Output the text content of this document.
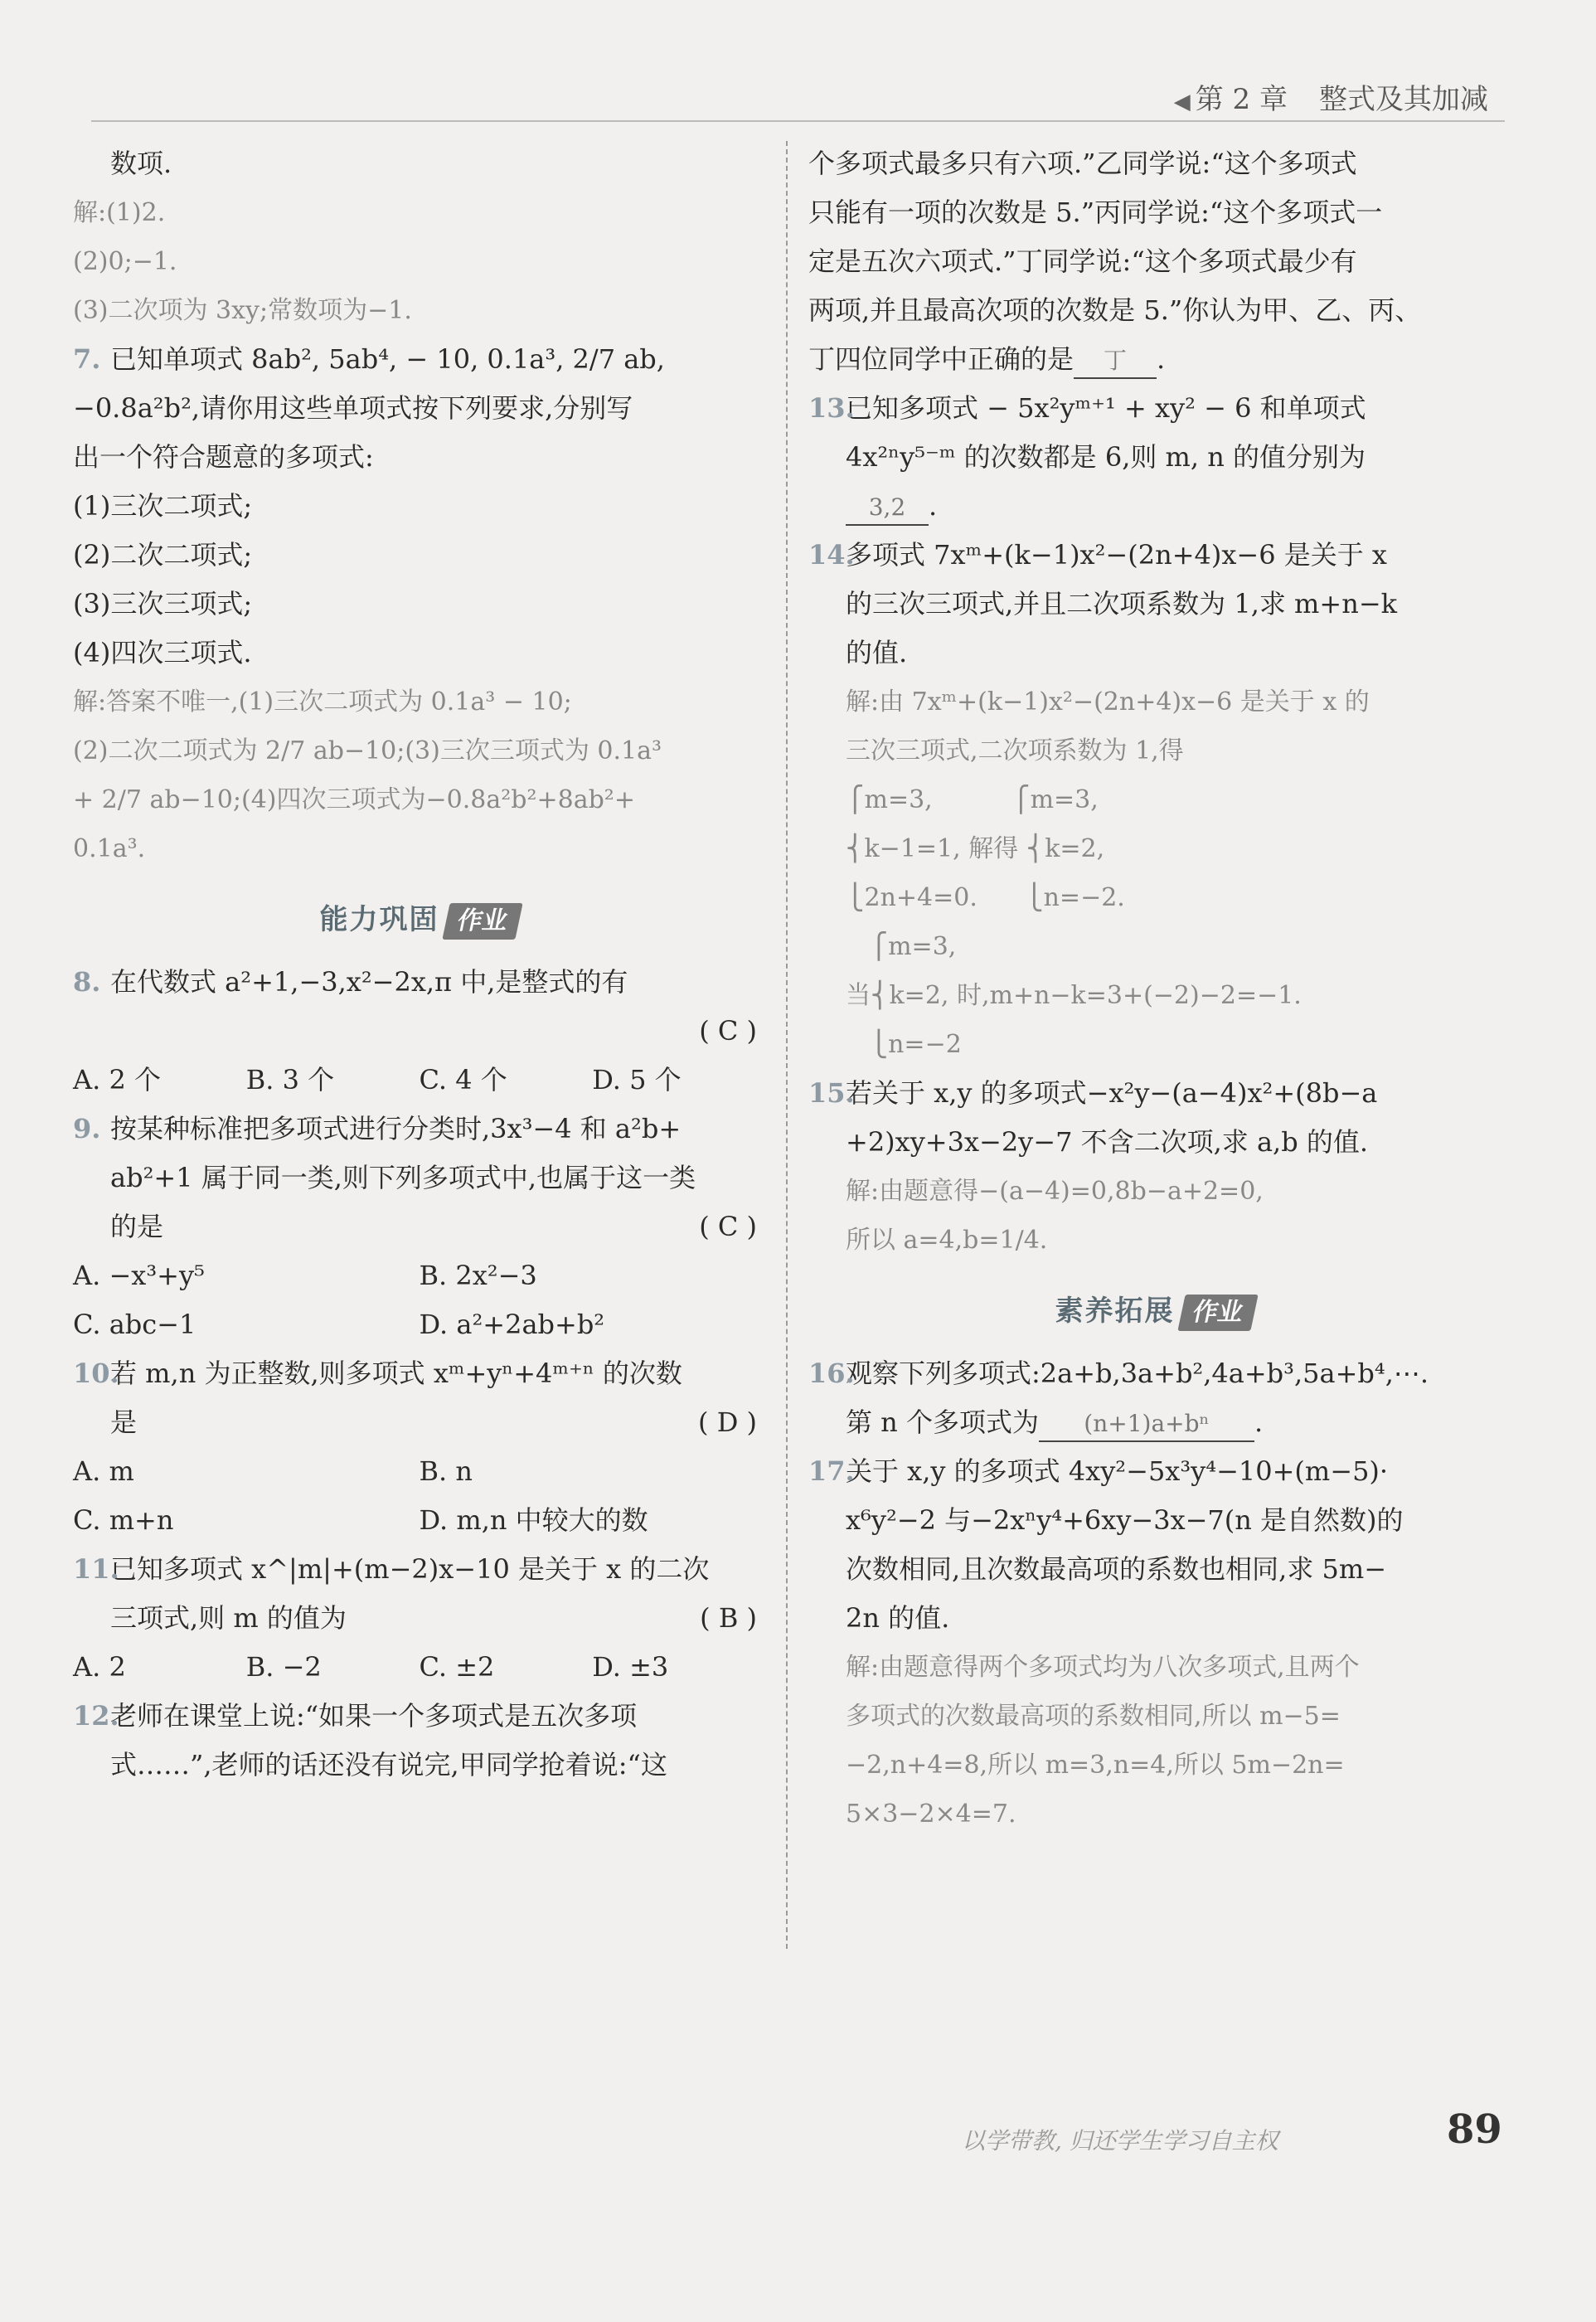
◀ 第 2 章 整式及其加减
数项.
解:(1)2.
(2)0;−1.
(3)二次项为 3xy;常数项为−1.
7. 已知单项式 8ab², 5ab⁴, − 10, 0.1a³, 2/7 ab,
−0.8a²b²,请你用这些单项式按下列要求,分别写
出一个符合题意的多项式:
(1)三次二项式;
(2)二次二项式;
(3)三次三项式;
(4)四次三项式.
解:答案不唯一,(1)三次二项式为 0.1a³ − 10;
(2)二次二项式为 2/7 ab−10;(3)三次三项式为 0.1a³
+ 2/7 ab−10;(4)四次三项式为−0.8a²b²+8ab²+
0.1a³.
能力巩固 作业
8. 在代数式 a²+1,−3,x²−2x,π 中,是整式的有
( C )

A. 2 个	B. 3 个	C. 4 个	D. 5 个
9. 按某种标准把多项式进行分类时,3x³−4 和 a²b+
ab²+1 属于同一类,则下列多项式中,也属于这一类
的是	( C )
A. −x³+y⁵	B. 2x²−3
C. abc−1	D. a²+2ab+b²
10.
若 m,n 为正整数,则多项式 xᵐ+yⁿ+4ᵐ⁺ⁿ 的次数
是	( D )
A. m	B. n
C. m+n	D. m,n 中较大的数
11.
已知多项式 x^|m|+(m−2)x−10 是关于 x 的二次
三项式,则 m 的值为	( B )
A. 2	B. −2	C. ±2	D. ±3
12.
老师在课堂上说:“如果一个多项式是五次多项
式……”,老师的话还没有说完,甲同学抢着说:“这
个多项式最多只有六项.”乙同学说:“这个多项式
只能有一项的次数是 5.”丙同学说:“这个多项式一
定是五次六项式.”丁同学说:“这个多项式最少有
两项,并且最高次项的次数是 5.”你认为甲、乙、丙、
丁四位同学中正确的是 丁 .
13.
已知多项式 − 5x²yᵐ⁺¹ + xy² − 6 和单项式
4x²ⁿy⁵⁻ᵐ 的次数都是 6,则 m, n 的值分别为
3,2 .
14.
多项式 7xᵐ+(k−1)x²−(2n+4)x−6 是关于 x
的三次三项式,并且二次项系数为 1,求 m+n−k
的值.
解:由 7xᵐ+(k−1)x²−(2n+4)x−6 是关于 x 的
三次三项式,二次项系数为 1,得
⎧m=3,          ⎧m=3,
⎨k−1=1, 解得 ⎨k=2,
⎩2n+4=0.      ⎩n=−2.
⎧m=3,
当⎨k=2, 时,m+n−k=3+(−2)−2=−1.
⎩n=−2
15.
若关于 x,y 的多项式−x²y−(a−4)x²+(8b−a
+2)xy+3x−2y−7 不含二次项,求 a,b 的值.
解:由题意得−(a−4)=0,8b−a+2=0,
所以 a=4,b=1/4.
素养拓展 作业
16.
观察下列多项式:2a+b,3a+b²,4a+b³,5a+b⁴,⋯.
第 n 个多项式为 (n+1)a+bⁿ .
17.
关于 x,y 的多项式 4xy²−5x³y⁴−10+(m−5)·
x⁶y²−2 与−2xⁿy⁴+6xy−3x−7(n 是自然数)的
次数相同,且次数最高项的系数也相同,求 5m−
2n 的值.
解:由题意得两个多项式均为八次多项式,且两个
多项式的次数最高项的系数相同,所以 m−5=
−2,n+4=8,所以 m=3,n=4,所以 5m−2n=
5×3−2×4=7.
以学带教, 归还学生学习自主权	89
